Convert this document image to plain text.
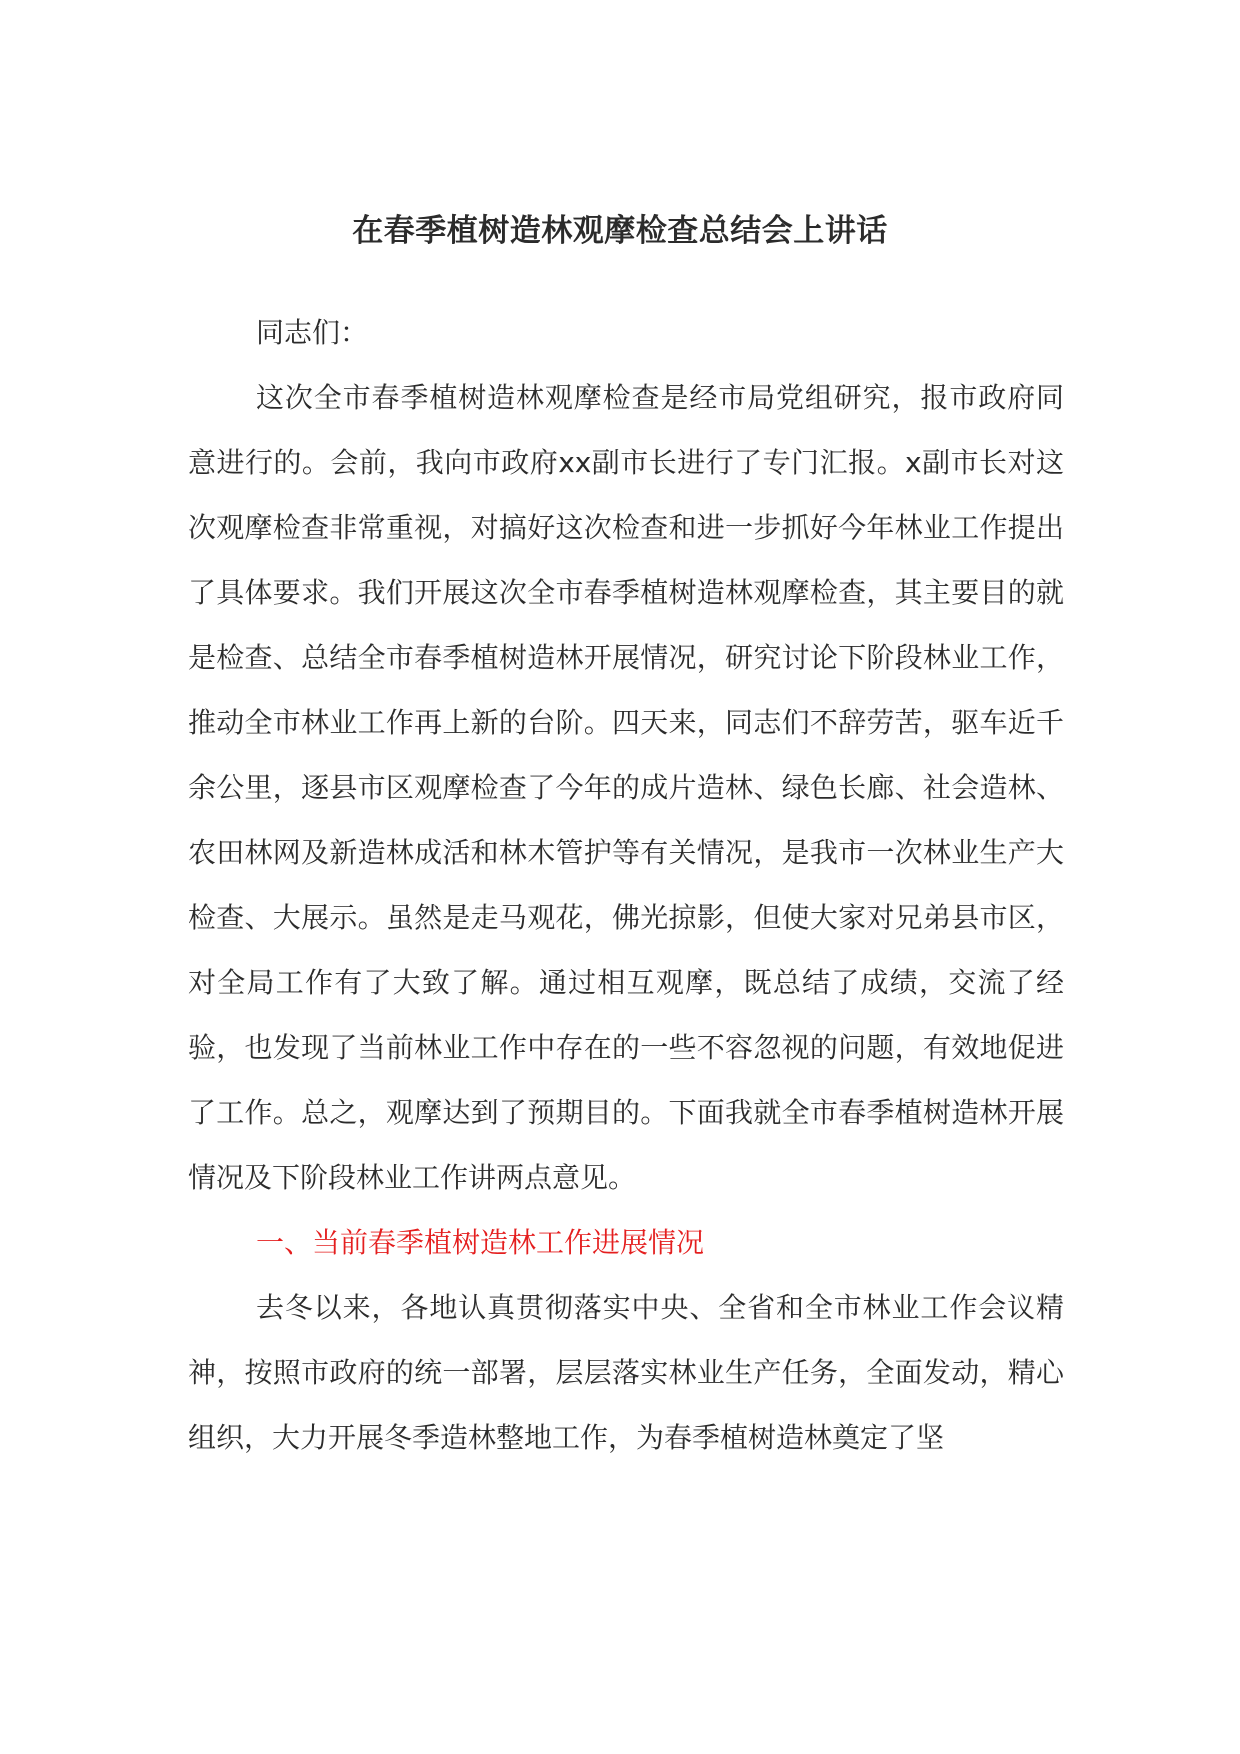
在春季植树造林观摩检查总结会上讲话

同志们：

这次全市春季植树造林观摩检查是经市局党组研究，报市政府同意进行的。会前，我向市政府xx副市长进行了专门汇报。x副市长对这次观摩检查非常重视，对搞好这次检查和进一步抓好今年林业工作提出了具体要求。我们开展这次全市春季植树造林观摩检查，其主要目的就是检查、总结全市春季植树造林开展情况，研究讨论下阶段林业工作，推动全市林业工作再上新的台阶。四天来，同志们不辞劳苦，驱车近千余公里，逐县市区观摩检查了今年的成片造林、绿色长廊、社会造林、农田林网及新造林成活和林木管护等有关情况，是我市一次林业生产大检查、大展示。虽然是走马观花，佛光掠影，但使大家对兄弟县市区，对全局工作有了大致了解。通过相互观摩，既总结了成绩，交流了经验，也发现了当前林业工作中存在的一些不容忽视的问题，有效地促进了工作。总之，观摩达到了预期目的。下面我就全市春季植树造林开展情况及下阶段林业工作讲两点意见。

一、当前春季植树造林工作进展情况

去冬以来，各地认真贯彻落实中央、全省和全市林业工作会议精神，按照市政府的统一部署，层层落实林业生产任务，全面发动，精心组织，大力开展冬季造林整地工作，为春季植树造林奠定了坚
